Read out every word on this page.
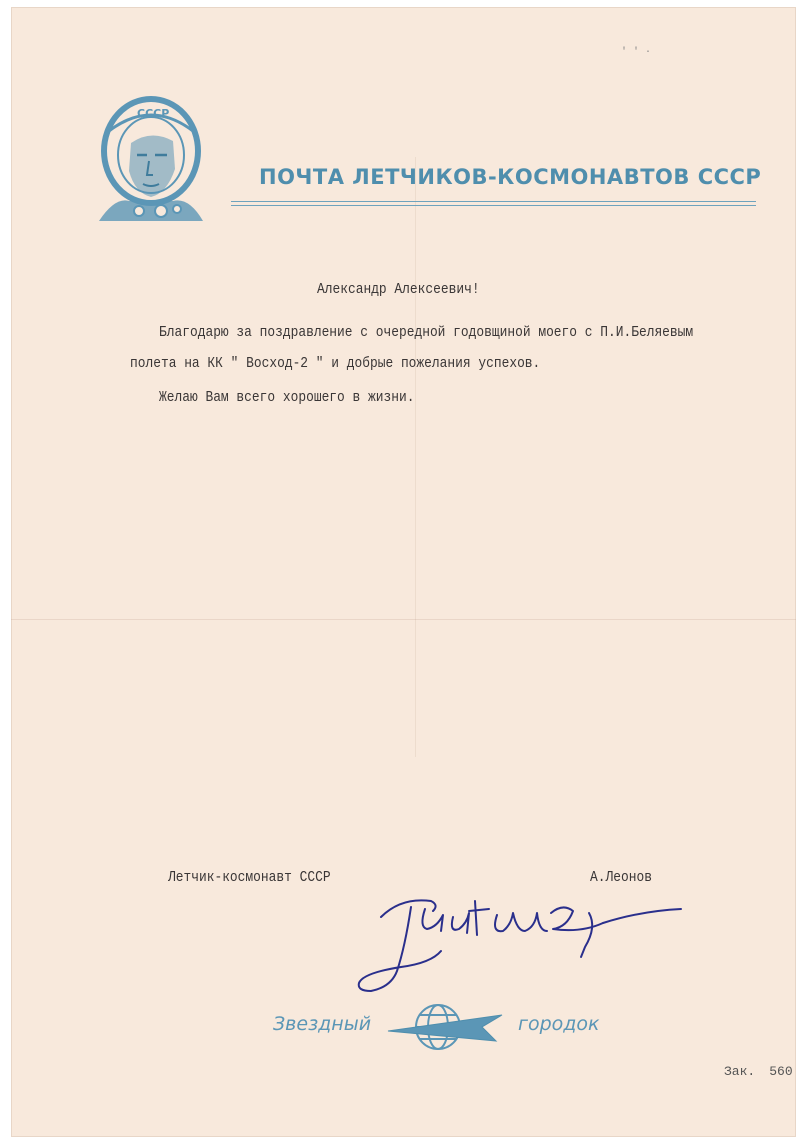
' ' ·
CCCP
ПОЧТА ЛЕТЧИКОВ-КОСМОНАВТОВ СССР
Александр Алексеевич!
Благодарю за поздравление с очередной годовщиной моего с П.И.Беляевым
полета на КК " Восход-2 " и добрые пожелания успехов.
Желаю Вам всего хорошего в жизни.
Летчик-космонавт СССР	А.Леонов
Звездный	городок
Зак. 560
